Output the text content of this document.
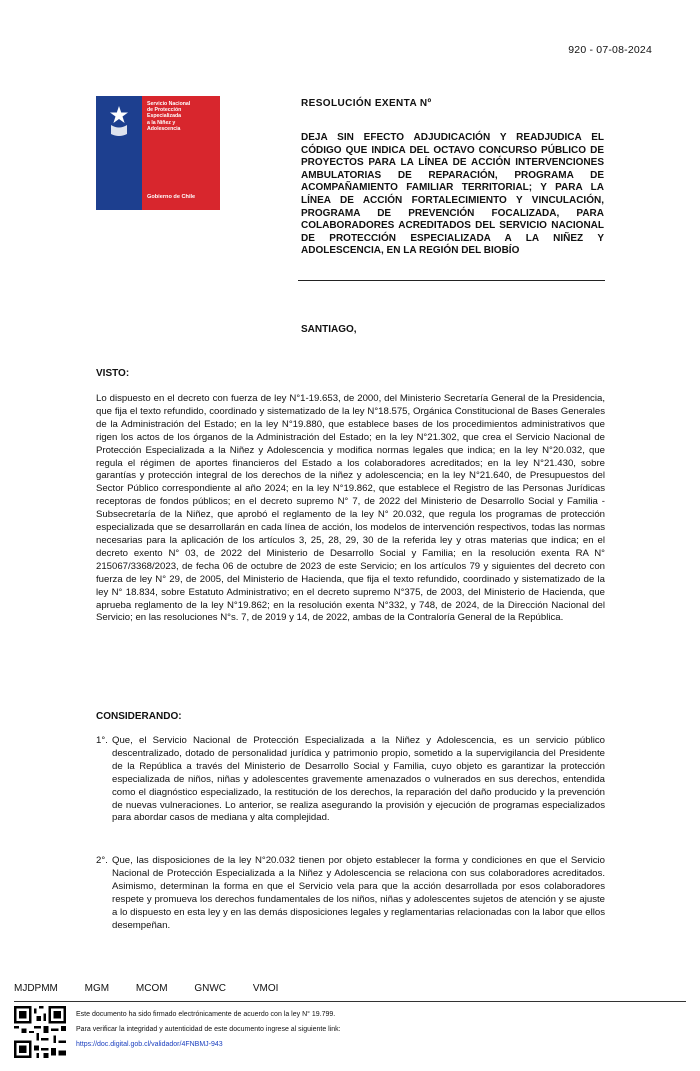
920 - 07-08-2024
Servicio Nacional
de Protección
Especializada
a la Niñez y
Adolescencia
Gobierno de Chile
RESOLUCIÓN EXENTA Nº
DEJA SIN EFECTO ADJUDICACIÓN Y READJUDICA EL CÓDIGO QUE INDICA DEL OCTAVO CONCURSO PÚBLICO DE PROYECTOS PARA LA LÍNEA DE ACCIÓN INTERVENCIONES AMBULATORIAS DE REPARACIÓN, PROGRAMA DE ACOMPAÑAMIENTO FAMILIAR TERRITORIAL; Y PARA LA LÍNEA DE ACCIÓN FORTALECIMIENTO Y VINCULACIÓN, PROGRAMA DE PREVENCIÓN FOCALIZADA, PARA COLABORADORES ACREDITADOS DEL SERVICIO NACIONAL DE PROTECCIÓN ESPECIALIZADA A LA NIÑEZ Y ADOLESCENCIA, EN LA REGIÓN DEL BIOBÍO
SANTIAGO,
VISTO:
Lo dispuesto en el decreto con fuerza de ley N°1-19.653, de 2000, del Ministerio Secretaría General de la Presidencia, que fija el texto refundido, coordinado y sistematizado de la ley N°18.575, Orgánica Constitucional de Bases Generales de la Administración del Estado; en la ley N°19.880, que establece bases de los procedimientos administrativos que rigen los actos de los órganos de la Administración del Estado; en la ley N°21.302, que crea el Servicio Nacional de Protección Especializada a la Niñez y Adolescencia y modifica normas legales que indica; en la ley N°20.032, que regula el régimen de aportes financieros del Estado a los colaboradores acreditados; en la ley N°21.430, sobre garantías y protección integral de los derechos de la niñez y adolescencia; en la ley N°21.640, de Presupuestos del Sector Público correspondiente al año 2024; en la ley N°19.862, que establece el Registro de las Personas Jurídicas receptoras de fondos públicos; en el decreto supremo N° 7, de 2022 del Ministerio de Desarrollo Social y Familia - Subsecretaría de la Niñez, que aprobó el reglamento de la ley N° 20.032, que regula los programas de protección especializada que se desarrollarán en cada línea de acción, los modelos de intervención respectivos, todas las normas necesarias para la aplicación de los artículos 3, 25, 28, 29, 30 de la referida ley y otras materias que indica; en el decreto exento N° 03, de 2022 del Ministerio de Desarrollo Social y Familia; en la resolución exenta RA N° 215067/3368/2023, de fecha 06 de octubre de 2023 de este Servicio; en los artículos 79 y siguientes del decreto con fuerza de ley N° 29, de 2005, del Ministerio de Hacienda, que fija el texto refundido, coordinado y sistematizado de la ley N° 18.834, sobre Estatuto Administrativo; en el decreto supremo N°375, de 2003, del Ministerio de Hacienda, que aprueba reglamento de la ley N°19.862; en la resolución exenta N°332, y 748, de 2024, de la Dirección Nacional del Servicio; en las resoluciones N°s. 7, de 2019 y 14, de 2022, ambas de la Contraloría General de la República.
CONSIDERANDO:
1°. Que, el Servicio Nacional de Protección Especializada a la Niñez y Adolescencia, es un servicio público descentralizado, dotado de personalidad jurídica y patrimonio propio, sometido a la supervigilancia del Presidente de la República a través del Ministerio de Desarrollo Social y Familia, cuyo objeto es garantizar la protección especializada de niños, niñas y adolescentes gravemente amenazados o vulnerados en sus derechos, entendida como el diagnóstico especializado, la restitución de los derechos, la reparación del daño producido y la prevención de nuevas vulneraciones. Lo anterior, se realiza asegurando la provisión y ejecución de programas especializados para abordar casos de mediana y alta complejidad.
2°. Que, las disposiciones de la ley N°20.032 tienen por objeto establecer la forma y condiciones en que el Servicio Nacional de Protección Especializada a la Niñez y Adolescencia se relaciona con sus colaboradores acreditados. Asimismo, determinan la forma en que el Servicio vela para que la acción desarrollada por esos colaboradores respete y promueva los derechos fundamentales de los niños, niñas y adolescentes sujetos de atención y se ajuste a lo dispuesto en esta ley y en las demás disposiciones legales y reglamentarias relacionadas con la labor que ellos desempeñan.
MJDPMM	MGM	MCOM	GNWC	VMOI
Este documento ha sido firmado electrónicamente de acuerdo con la ley N° 19.799.
Para verificar la integridad y autenticidad de este documento ingrese al siguiente link:
https://doc.digital.gob.cl/validador/4FNBMJ-943
